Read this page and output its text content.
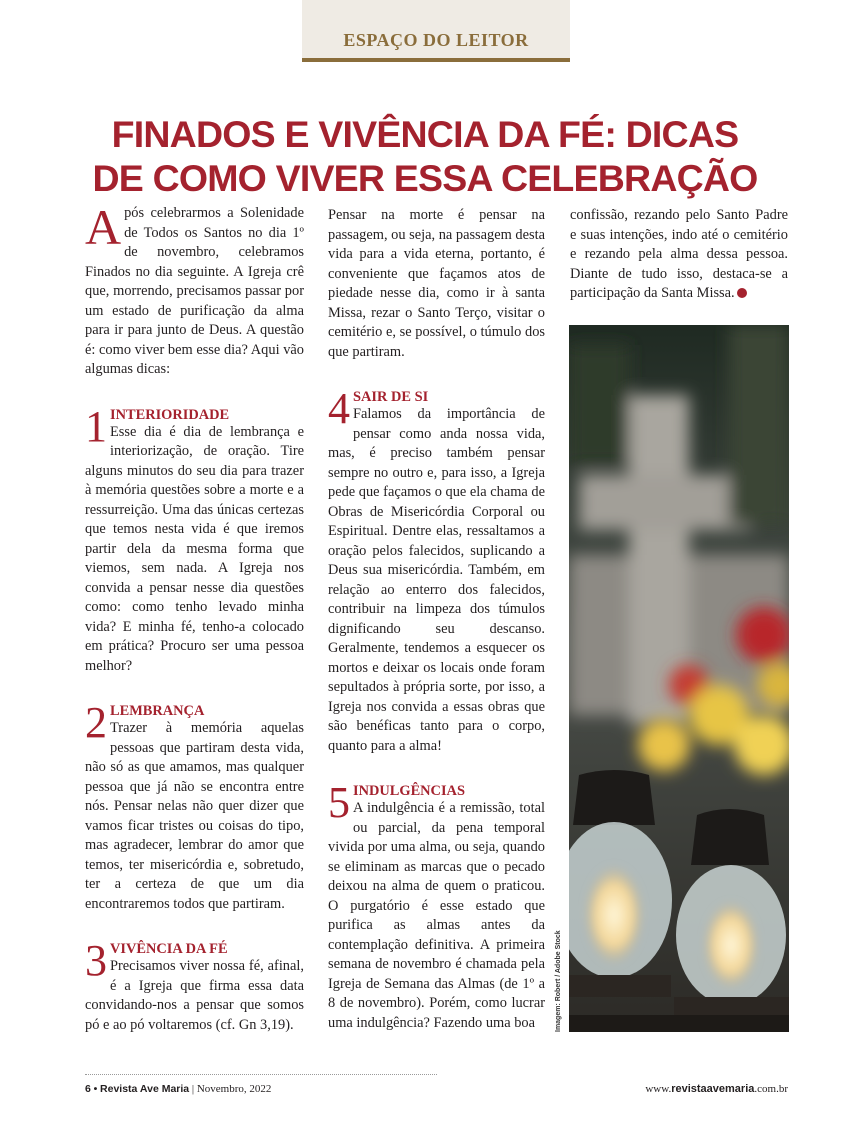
ESPAÇO DO LEITOR
FINADOS E VIVÊNCIA DA FÉ: DICAS
DE COMO VIVER ESSA CELEBRAÇÃO

Após celebrarmos a Solenidade de Todos os Santos no dia 1º de novembro, celebramos Finados no dia seguinte. A Igreja crê que, morrendo, precisamos passar por um estado de purificação da alma para ir para junto de Deus. A questão é: como viver bem esse dia? Aqui vão algumas dicas:

1 INTERIORIDADE

Esse dia é dia de lembrança e interiorização, de oração. Tire alguns minutos do seu dia para trazer à memória questões sobre a morte e a ressurreição. Uma das únicas certezas que temos nesta vida é que iremos partir dela da mesma forma que viemos, sem nada. A Igreja nos convida a pensar nesse dia questões como: como tenho levado minha vida? E minha fé, tenho-a colocado em prática? Procuro ser uma pessoa melhor?

2 LEMBRANÇA

Trazer à memória aquelas pessoas que partiram desta vida, não só as que amamos, mas qualquer pessoa que já não se encontra entre nós. Pensar nelas não quer dizer que vamos ficar tristes ou coisas do tipo, mas agradecer, lembrar do amor que temos, ter misericórdia e, sobretudo, ter a certeza de que um dia encontraremos todos que partiram.

3 VIVÊNCIA DA FÉ

Precisamos viver nossa fé, afinal, é a Igreja que firma essa data convidando-nos a pensar que somos pó e ao pó voltaremos (cf. Gn 3,19).

Pensar na morte é pensar na passagem, ou seja, na passagem desta vida para a vida eterna, portanto, é conveniente que façamos atos de piedade nesse dia, como ir à santa Missa, rezar o Santo Terço, visitar o cemitério e, se possível, o túmulo dos que partiram.

4 SAIR DE SI

Falamos da importância de pensar como anda nossa vida, mas, é preciso também pensar sempre no outro e, para isso, a Igreja pede que façamos o que ela chama de Obras de Misericórdia Corporal ou Espiritual. Dentre elas, ressaltamos a oração pelos falecidos, suplicando a Deus sua misericórdia. Também, em relação ao enterro dos falecidos, contribuir na limpeza dos túmulos dignificando seu descanso. Geralmente, tendemos a esquecer os mortos e deixar os locais onde foram sepultados à própria sorte, por isso, a Igreja nos convida a essas obras que são benéficas tanto para o corpo, quanto para a alma!

5 INDULGÊNCIAS

A indulgência é a remissão, total ou parcial, da pena temporal vivida por uma alma, ou seja, quando se eliminam as marcas que o pecado deixou na alma de quem o praticou. O purgatório é esse estado que purifica as almas antes da contemplação definitiva. A primeira semana de novembro é chamada pela Igreja de Semana das Almas (de 1º a 8 de novembro). Porém, como lucrar uma indulgência? Fazendo uma boa

confissão, rezando pelo Santo Padre e suas intenções, indo até o cemitério e rezando pela alma dessa pessoa. Diante de tudo isso, destaca-se a participação da Santa Missa.

Imagem: Robert / Adobe Stock
6 • Revista Ave Maria | Novembro, 2022	www.revistaavemaria.com.br
